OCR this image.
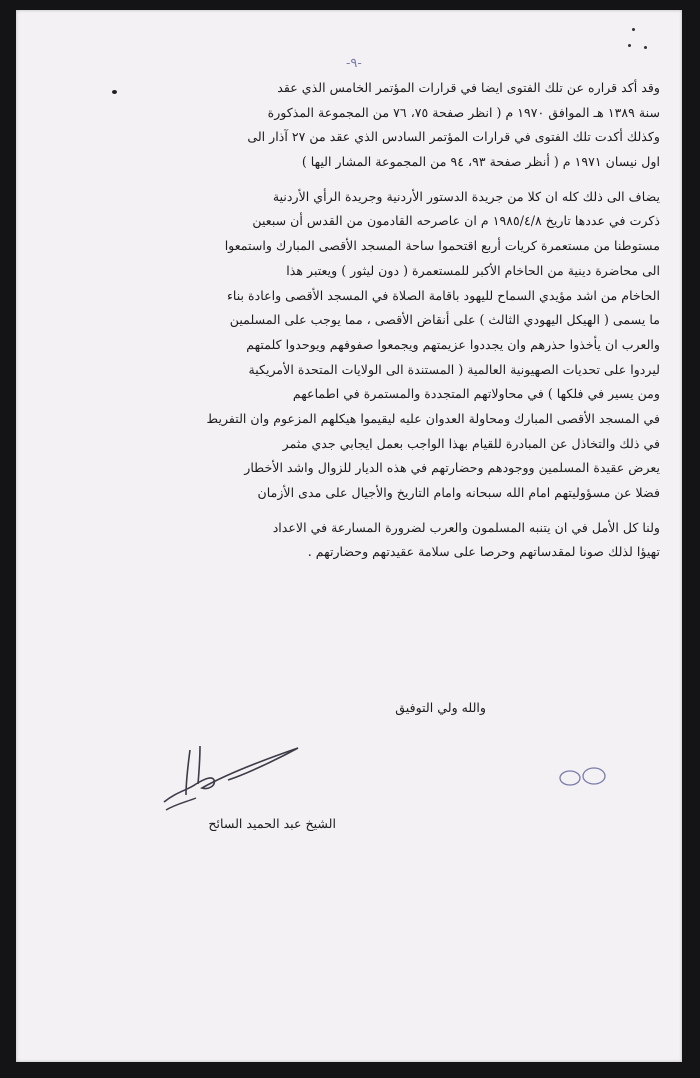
-٩-
وقد أكد قراره عن تلك الفتوى ايضا في قرارات المؤتمر الخامس الذي عقد
سنة ١٣٨٩ هـ الموافق ١٩٧٠ م ( انظر صفحة ٧٥، ٧٦ من المجموعة المذكورة
وكذلك أكدت تلك الفتوى في قرارات المؤتمر السادس الذي عقد من ٢٧ آذار الى
اول نيسان ١٩٧١ م ( أنظر صفحة ٩٣، ٩٤ من المجموعة المشار اليها )
يضاف الى ذلك كله ان كلا من جريدة الدستور الأردنية وجريدة الرأي الأردنية
ذكرت في عددها تاريخ ١٩٨٥/٤/٨ م ان عاصرحه القادمون من القدس أن سبعين
مستوطنا من مستعمرة كريات أربع اقتحموا ساحة المسجد الأقصى المبارك واستمعوا
الى محاضرة دينية من الحاخام الأكبر للمستعمرة ( دون ليثور ) ويعتبر هذا
الحاخام من اشد مؤيدي السماح لليهود باقامة الصلاة في المسجد الأقصى واعادة بناء
ما يسمى ( الهيكل اليهودي الثالث ) على أنقاض الأقصى ، مما يوجب على المسلمين
والعرب ان يأخذوا حذرهم وان يجددوا عزيمتهم ويجمعوا صفوفهم ويوحدوا كلمتهم
ليردوا على تحديات الصهيونية العالمية ( المستندة الى الولايات المتحدة الأمريكية
ومن يسير في فلكها ) في محاولاتهم المتجددة والمستمرة في اطماعهم
في المسجد الأقصى المبارك ومحاولة العدوان عليه ليقيموا هيكلهم المزعوم وان التفريط
في ذلك والتخاذل عن المبادرة للقيام بهذا الواجب بعمل ايجابي جدي مثمر
يعرض عقيدة المسلمين ووجودهم وحضارتهم في هذه الديار للزوال واشد الأخطار
فضلا عن مسؤوليتهم امام الله سبحانه وامام التاريخ والأجيال على مدى الأزمان
ولنا كل الأمل في ان يتنبه المسلمون والعرب لضرورة المسارعة في الاعداد
تهيؤا لذلك صونا لمقدساتهم وحرصا على سلامة عقيدتهم وحضارتهم .
والله ولي التوفيق
الشيخ عبد الحميد السائح
